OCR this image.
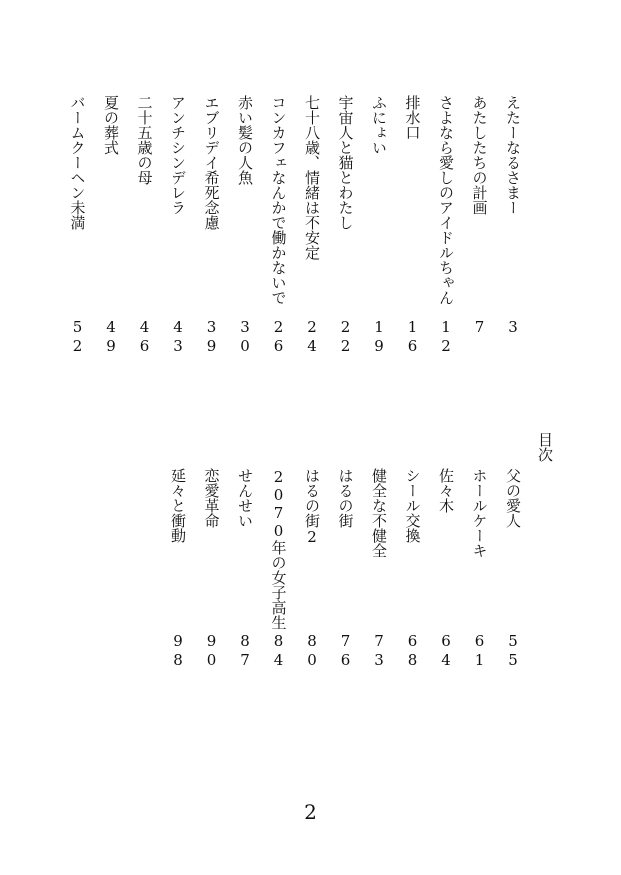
目次
えたーなるさまー
3
あたしたちの計画
7
さよなら愛しのアイドルちゃん
12
排水口
16
ふにょい
19
宇宙人と猫とわたし
22
七十八歳、情緒は不安定
24
コンカフェなんかで働かないで
26
赤い髪の人魚
30
エブリデイ希死念慮
39
アンチシンデレラ
43
二十五歳の母
46
夏の葬式
49
バームクーヘン未満
52
父の愛人
55
ホールケーキ
61
佐々木
64
シール交換
68
健全な不健全
73
はるの街
76
はるの街2
80
2070年の女子高生
84
せんせい
87
恋愛革命
90
延々と衝動
98
2
